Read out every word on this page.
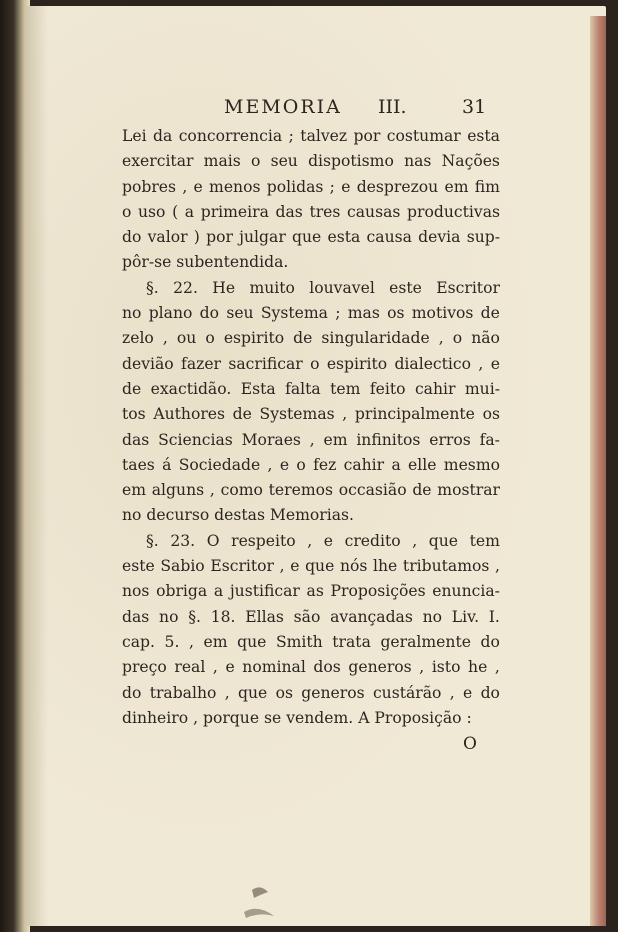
MEMORIA III.	31
Lei da concorrencia ; talvez por costumar esta
exercitar mais o seu dispotismo nas Nações
pobres , e menos polidas ; e desprezou em fim
o uso ( a primeira das tres causas productivas
do valor ) por julgar que esta causa devia sup-
pôr-se subentendida.
§. 22. He muito louvavel este Escritor
no plano do seu Systema ; mas os motivos de
zelo , ou o espirito de singularidade , o não
devião fazer sacrificar o espirito dialectico , e
de exactidão. Esta falta tem feito cahir mui-
tos Authores de Systemas , principalmente os
das Sciencias Moraes , em infinitos erros fa-
taes á Sociedade , e o fez cahir a elle mesmo
em alguns , como teremos occasião de mostrar
no decurso destas Memorias.
§. 23. O respeito , e credito , que tem
este Sabio Escritor , e que nós lhe tributamos ,
nos obriga a justificar as Proposições enuncia-
das no §. 18. Ellas são avançadas no Liv. I.
cap. 5. , em que Smith trata geralmente do
preço real , e nominal dos generos , isto he ,
do trabalho , que os generos custárão , e do
dinheiro , porque se vendem. A Proposição :
O
